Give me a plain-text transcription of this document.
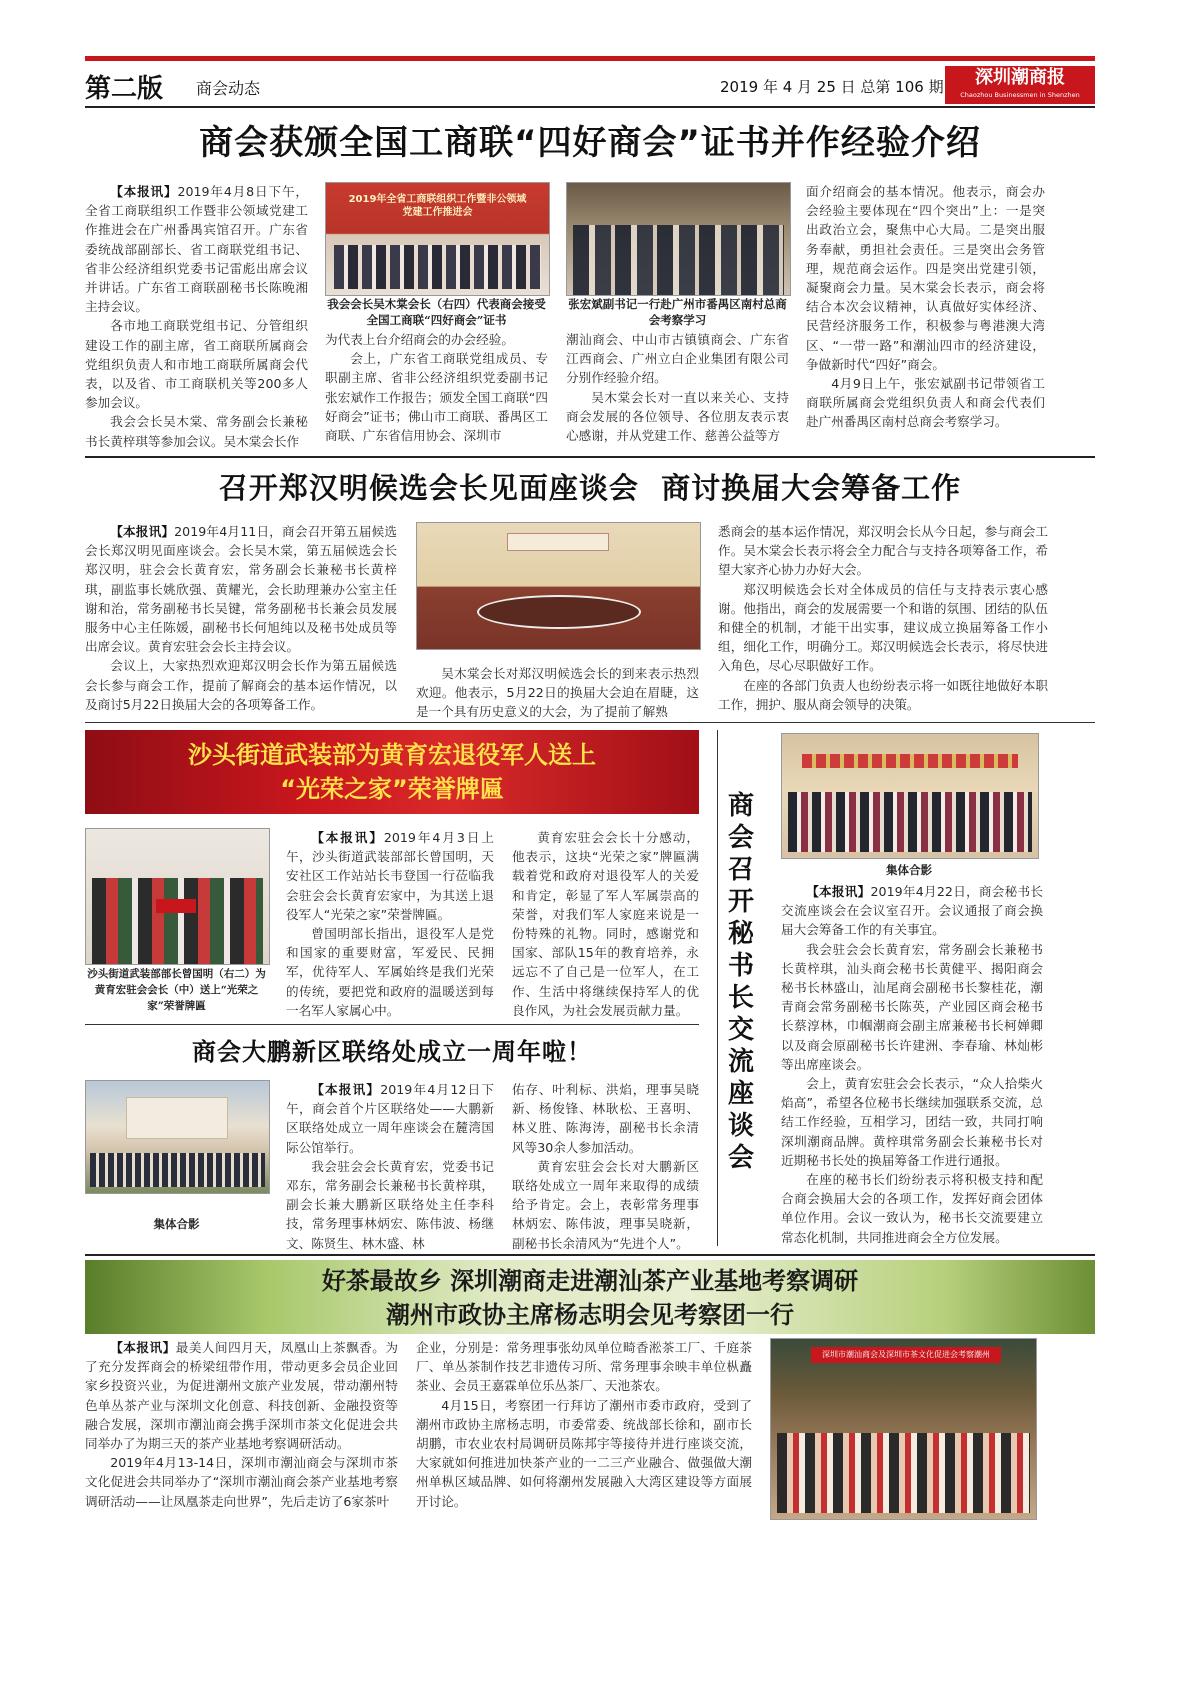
第二版 商会动态	2019 年 4 月 25 日 总第 106 期	深圳潮商报
Chaozhou Businessmen in Shenzhen
商会获颁全国工商联“四好商会”证书并作经验介绍

【本报讯】2019年4月8日下午，全省工商联组织工作暨非公领域党建工作推进会在广州番禺宾馆召开。广东省委统战部副部长、省工商联党组书记、省非公经济组织党委书记雷彪出席会议并讲话。广东省工商联副秘书长陈晚湘主持会议。

各市地工商联党组书记、分管组织建设工作的副主席，省工商联所属商会党组织负责人和市地工商联所属商会代表，以及省、市工商联机关等200多人参加会议。

我会会长吴木棠、常务副会长兼秘书长黄梓琪等参加会议。吴木棠会长作

2019年全省工商联组织工作暨非公领域党建工作推进会
我会会长吴木棠会长（右四）代表商会接受全国工商联“四好商会”证书
张宏斌副书记一行赴广州市番禺区南村总商会考察学习

为代表上台介绍商会的办会经验。

会上，广东省工商联党组成员、专职副主席、省非公经济组织党委副书记张宏斌作工作报告；颁发全国工商联“四好商会”证书；佛山市工商联、番禺区工商联、广东省信用协会、深圳市

潮汕商会、中山市古镇镇商会、广东省江西商会、广州立白企业集团有限公司分别作经验介绍。

吴木棠会长对一直以来关心、支持商会发展的各位领导、各位朋友表示衷心感谢，并从党建工作、慈善公益等方

面介绍商会的基本情况。他表示，商会办会经验主要体现在“四个突出”上：一是突出政治立会，聚焦中心大局。二是突出服务奉献，勇担社会责任。三是突出会务管理，规范商会运作。四是突出党建引领，凝聚商会力量。吴木棠会长表示，商会将结合本次会议精神，认真做好实体经济、民营经济服务工作，积极参与粤港澳大湾区、“一带一路”和潮汕四市的经济建设，争做新时代“四好”商会。

4月9日上午，张宏斌副书记带领省工商联所属商会党组织负责人和商会代表们赴广州番禺区南村总商会考察学习。

召开郑汉明候选会长见面座谈会  商讨换届大会筹备工作

【本报讯】2019年4月11日，商会召开第五届候选会长郑汉明见面座谈会。会长吴木棠，第五届候选会长郑汉明，驻会会长黄育宏，常务副会长兼秘书长黄梓琪，副监事长姚欣强、黄耀光，会长助理兼办公室主任谢和治，常务副秘书长吴键，常务副秘书长兼会员发展服务中心主任陈媛，副秘书长何旭纯以及秘书处成员等出席会议。黄育宏驻会会长主持会议。

会议上，大家热烈欢迎郑汉明会长作为第五届候选会长参与商会工作，提前了解商会的基本运作情况，以及商讨5月22日换届大会的各项筹备工作。

吴木棠会长对郑汉明候选会长的到来表示热烈欢迎。他表示，5月22日的换届大会迫在眉睫，这是一个具有历史意义的大会，为了提前了解熟

悉商会的基本运作情况，郑汉明会长从今日起，参与商会工作。吴木棠会长表示将会全力配合与支持各项筹备工作，希望大家齐心协力办好大会。

郑汉明候选会长对全体成员的信任与支持表示衷心感谢。他指出，商会的发展需要一个和谐的氛围、团结的队伍和健全的机制，才能干出实事，建议成立换届筹备工作小组，细化工作，明确分工。郑汉明候选会长表示，将尽快进入角色，尽心尽职做好工作。

在座的各部门负责人也纷纷表示将一如既往地做好本职工作，拥护、服从商会领导的决策。

沙头街道武装部为黄育宏退役军人送上
“光荣之家”荣誉牌匾
沙头街道武装部部长曾国明（右二）为黄育宏驻会会长（中）送上“光荣之家”荣誉牌匾

【本报讯】2019年4月3日上午，沙头街道武装部部长曾国明，天安社区工作站站长韦登国一行莅临我会驻会会长黄育宏家中，为其送上退役军人“光荣之家”荣誉牌匾。

曾国明部长指出，退役军人是党和国家的重要财富，军爱民、民拥军，优待军人、军属始终是我们光荣的传统，要把党和政府的温暖送到每一名军人家属心中。

黄育宏驻会会长十分感动，他表示，这块“光荣之家”牌匾满载着党和政府对退役军人的关爱和肯定，彰显了军人军属崇高的荣誉，对我们军人家庭来说是一份特殊的礼物。同时，感谢党和国家、部队15年的教育培养，永远忘不了自己是一位军人，在工作、生活中将继续保持军人的优良作风，为社会发展贡献力量。

商会大鹏新区联络处成立一周年啦！
集体合影

【本报讯】2019年4月12日下午，商会首个片区联络处——大鹏新区联络处成立一周年座谈会在麓湾国际公馆举行。

我会驻会会长黄育宏，党委书记邓东，常务副会长兼秘书长黄梓琪，副会长兼大鹏新区联络处主任李科技，常务理事林炳宏、陈伟波、杨继文、陈贤生、林木盛、林

佑存、叶利标、洪焰，理事吴晓新、杨俊锋、林耿松、王喜明、林义胜、陈海涛，副秘书长余清风等30余人参加活动。

黄育宏驻会会长对大鹏新区联络处成立一周年来取得的成绩给予肯定。会上，表彰常务理事林炳宏、陈伟波，理事吴晓新，副秘书长余清风为“先进个人”。

商会召开秘书长交流座谈会
集体合影

【本报讯】2019年4月22日，商会秘书长交流座谈会在会议室召开。会议通报了商会换届大会筹备工作的有关事宜。

我会驻会会长黄育宏，常务副会长兼秘书长黄梓琪，汕头商会秘书长黄健平、揭阳商会秘书长林盛山，汕尾商会副秘书长黎桂花，潮青商会常务副秘书长陈英，产业园区商会秘书长蔡淳林，巾帼潮商会副主席兼秘书长柯婵卿以及商会原副秘书长许建洲、李春瑜、林灿彬等出席座谈会。

会上，黄育宏驻会会长表示，“众人拾柴火焰高”，希望各位秘书长继续加强联系交流，总结工作经验，互相学习，团结一致，共同打响深圳潮商品牌。黄梓琪常务副会长兼秘书长对近期秘书长处的换届筹备工作进行通报。

在座的秘书长们纷纷表示将积极支持和配合商会换届大会的各项工作，发挥好商会团体单位作用。会议一致认为，秘书长交流要建立常态化机制，共同推进商会全方位发展。

好茶最故乡 深圳潮商走进潮汕茶产业基地考察调研
潮州市政协主席杨志明会见考察团一行

【本报讯】最美人间四月天，凤凰山上茶飘香。为了充分发挥商会的桥梁纽带作用，带动更多会员企业回家乡投资兴业，为促进潮州文旅产业发展，带动潮州特色单丛茶产业与深圳文化创意、科技创新、金融投资等融合发展，深圳市潮汕商会携手深圳市茶文化促进会共同举办了为期三天的茶产业基地考察调研活动。

2019年4月13-14日，深圳市潮汕商会与深圳市茶文化促进会共同举办了“深圳市潮汕商会茶产业基地考察调研活动——让凤凰茶走向世界”，先后走访了6家茶叶

企业，分别是：常务理事张幼凤单位畸香淞茶工厂、千庭茶厂、单丛茶制作技艺非遗传习所、常务理事余映丰单位枞矗茶业、会员王嘉霖单位乐丛茶厂、天池茶农。

4月15日，考察团一行拜访了潮州市委市政府，受到了潮州市政协主席杨志明，市委常委、统战部长徐和，副市长胡鹏，市农业农村局调研员陈邦宇等接待并进行座谈交流，大家就如何推进加快茶产业的一二三产业融合、做强做大潮州单枞区域品牌、如何将潮州发展融入大湾区建设等方面展开讨论。

深圳市潮汕商会及深圳市茶文化促进会考察潮州
